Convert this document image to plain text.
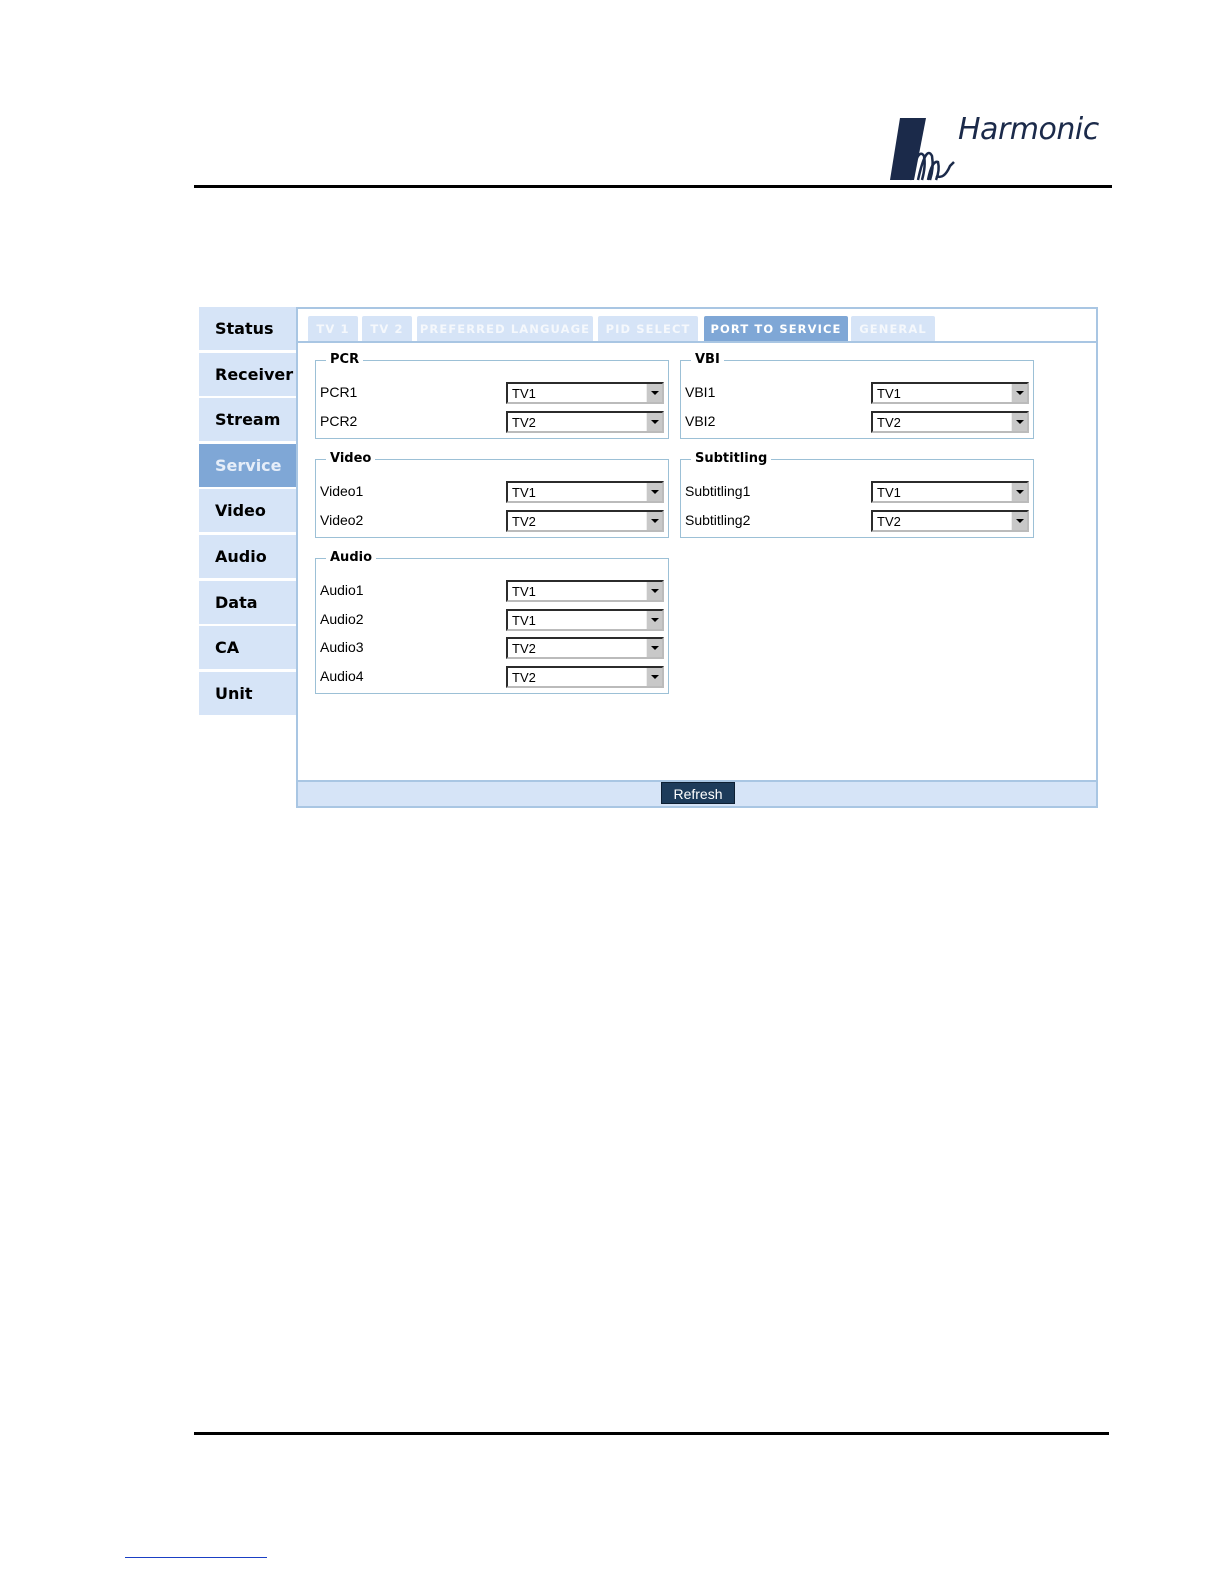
Harmonic
Status
Receiver
Stream
Service
Video
Audio
Data
CA
Unit
TV 1	TV 2	PREFERRED LANGUAGE	PID SELECT	PORT TO SERVICE	GENERAL
PCR
PCR1	TV1
PCR2	TV2
VBI
VBI1	TV1
VBI2	TV2
Video
Video1	TV1
Video2	TV2
Subtitling
Subtitling1	TV1
Subtitling2	TV2
Audio
Audio1	TV1
Audio2	TV1
Audio3	TV2
Audio4	TV2
Refresh
